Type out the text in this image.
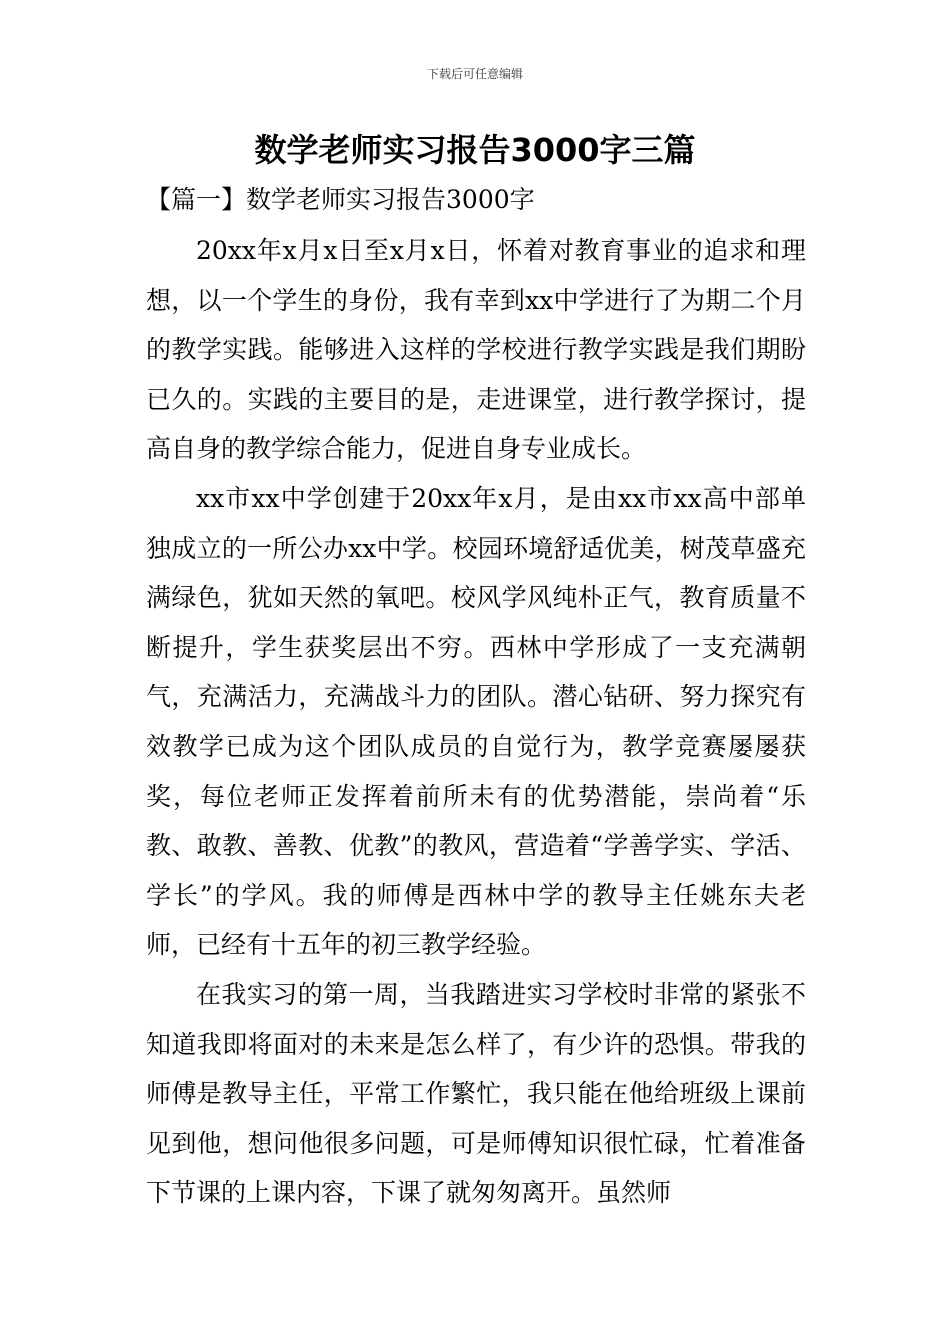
下载后可任意编辑
数学老师实习报告3000字三篇
【篇一】数学老师实习报告3000字

20xx年x月x日至x月x日，怀着对教育事业的追求和理想，以一个学生的身份，我有幸到xx中学进行了为期二个月的教学实践。能够进入这样的学校进行教学实践是我们期盼已久的。实践的主要目的是，走进课堂，进行教学探讨，提高自身的教学综合能力，促进自身专业成长。

xx市xx中学创建于20xx年x月，是由xx市xx高中部单独成立的一所公办xx中学。校园环境舒适优美，树茂草盛充满绿色，犹如天然的氧吧。校风学风纯朴正气，教育质量不断提升，学生获奖层出不穷。西林中学形成了一支充满朝气，充满活力，充满战斗力的团队。潜心钻研、努力探究有效教学已成为这个团队成员的自觉行为，教学竞赛屡屡获奖，每位老师正发挥着前所未有的优势潜能，崇尚着“乐教、敢教、善教、优教”的教风，营造着“学善学实、学活、学长”的学风。我的师傅是西林中学的教导主任姚东夫老师，已经有十五年的初三教学经验。

在我实习的第一周，当我踏进实习学校时非常的紧张不知道我即将面对的未来是怎么样了，有少许的恐惧。带我的师傅是教导主任，平常工作繁忙，我只能在他给班级上课前见到他，想问他很多问题，可是师傅知识很忙碌，忙着准备下节课的上课内容，下课了就匆匆离开。虽然师
